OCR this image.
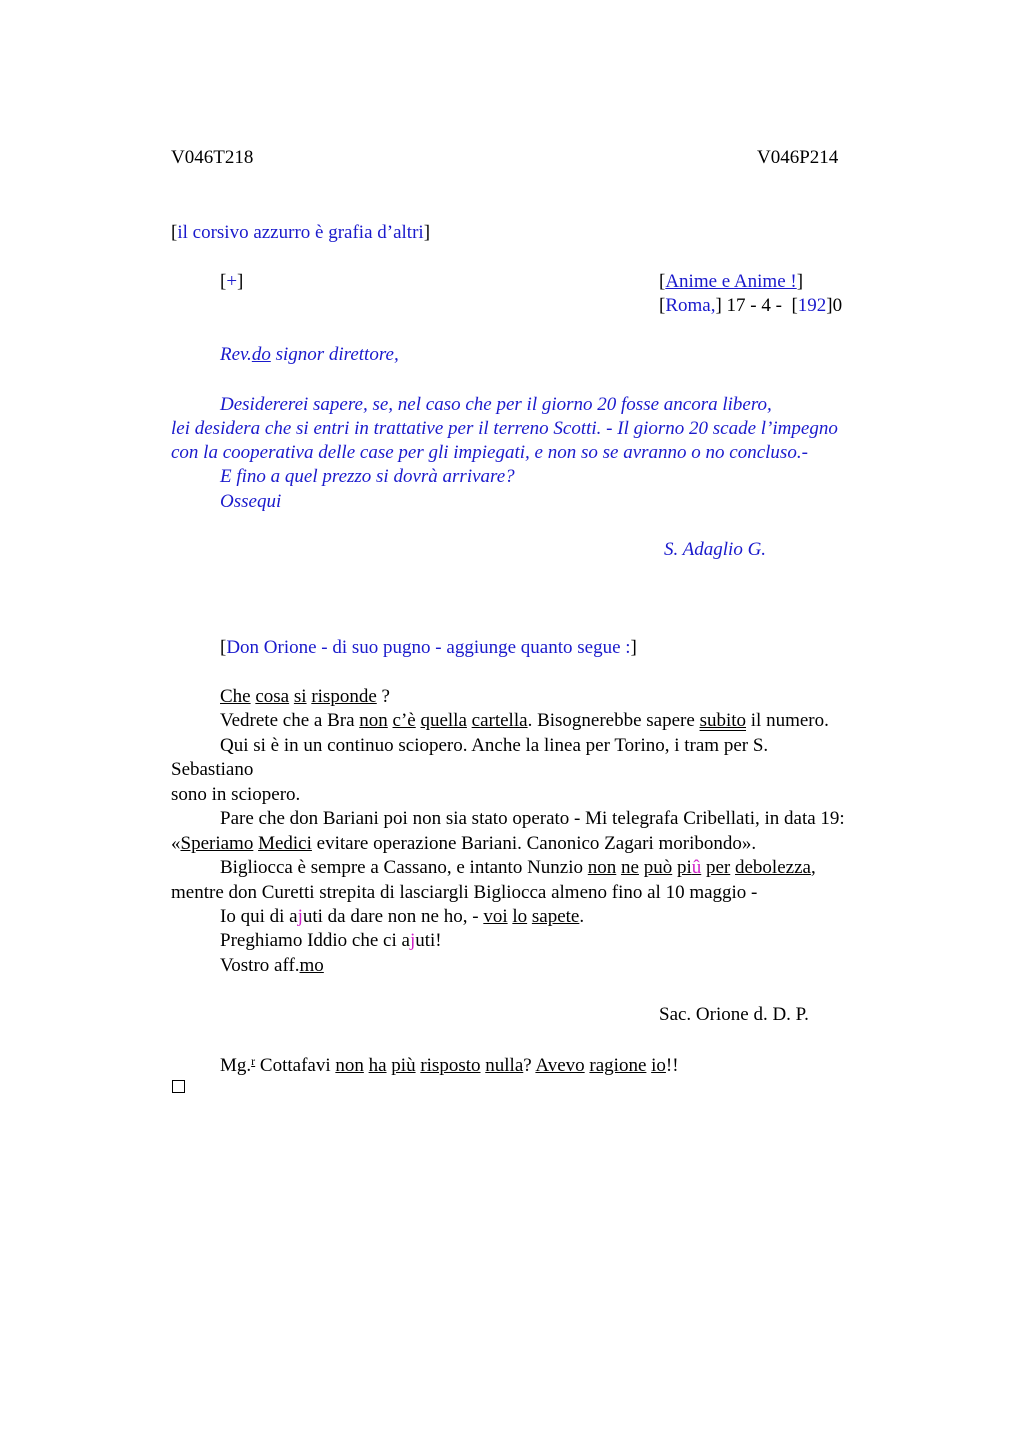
V046T218	V046P214
[il corsivo azzurro è grafia d’altri]
[+]	[Anime e Anime !]
[Roma,] 17 - 4 -  [192]0
Rev.do signor direttore,
Desidererei sapere, se, nel caso che per il giorno 20 fosse ancora libero,
lei desidera che si entri in trattative per il terreno Scotti. - Il giorno 20 scade l’impegno
con la cooperativa delle case per gli impiegati, e non so se avranno o no concluso.-
E fino a quel prezzo si dovrà arrivare?
Ossequi
S. Adaglio G.
[Don Orione - di suo pugno - aggiunge quanto segue :]
Che cosa si risponde ?
Vedrete che a Bra non c’è quella cartella. Bisognerebbe sapere subito il numero.
Qui si è in un continuo sciopero. Anche la linea per Torino, i tram per S.
Sebastiano
sono in sciopero.
Pare che don Bariani poi non sia stato operato - Mi telegrafa Cribellati, in data 19:
«Speriamo Medici evitare operazione Bariani. Canonico Zagari moribondo».
Bigliocca è sempre a Cassano, e intanto Nunzio non ne può piû per debolezza,
mentre don Curetti strepita di lasciargli Bigliocca almeno fino al 10 maggio -
Io qui di ajuti da dare non ne ho, - voi lo sapete.
Preghiamo Iddio che ci ajuti!
Vostro aff.mo
Sac. Orione d. D. P.
Mg.$^r$ Cottafavi non ha più risposto nulla? Avevo ragione io!!
